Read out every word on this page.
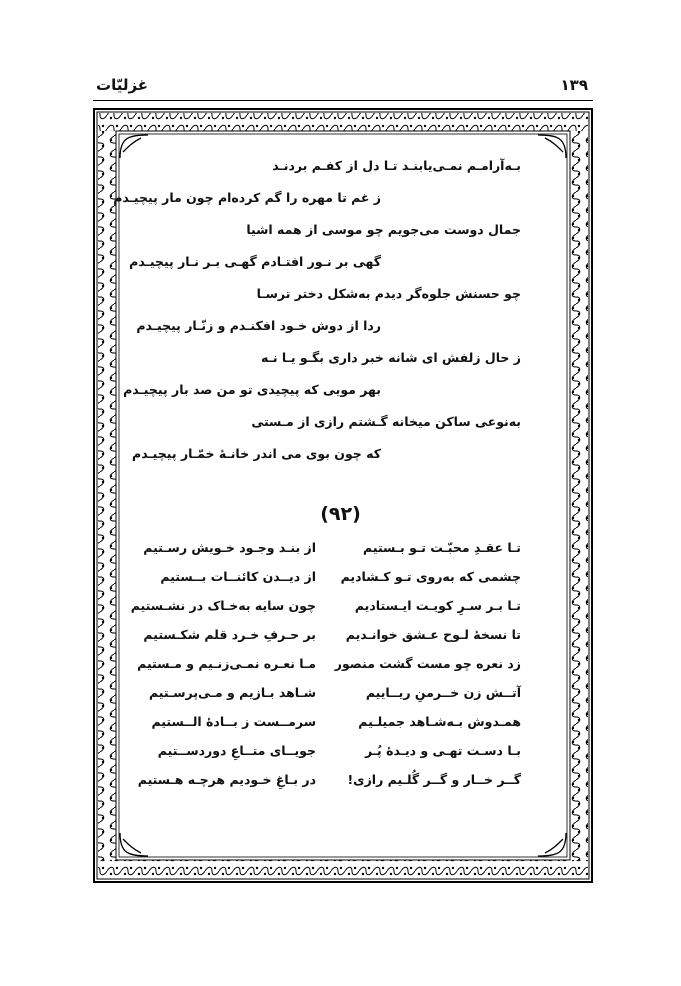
١٣٩
غزلیّات
بـه‌آرامـم نمـی‌یابنـد تـا دل از کفـم بردنـد
ز غم تا مهره را گم کرده‌ام چون مار پیچیـدم
جمال دوست می‌جویم چو موسی از همه اشیا
گهی بر نـور افتـادم گهـی بـر نـار پیچیـدم
چو حسنش جلوه‌گر دیدم به‌شکل دختر ترسـا
ردا از دوش خـود افکنـدم و زنّـار پیچیـدم
ز حال زلفش ای شانه خبر داری بگـو یـا نـه
بهر مویی که پیچیدی تو من صد بار پیچیـدم
به‌نوعی ساکن میخانه گـشتم رازی از مـستی
که چون بوی می اندر خانـهٔ خمّـار پیچیـدم
(٩٢)
تـا عقـدِ محبّـت تـو بـستیم
از بنـد وجـود خـویش رسـتیم
چشمی که به‌روی تـو کـشادیم
از دیــدن کائنــات بــستیم
تـا بـر سـرِ کویـت ایـستادیم
چون سایه به‌خـاک در نشـستیم
تا نسخهٔ لـوح عـشق خوانـدیم
بر حـرفِ خـرد قلم شکـستیم
زد نعره چو مست گشت منصور
مـا نعـره نمـی‌زنـیم و مـستیم
آتــش زن خــرمنِ ریــاییم
شـاهد بـازیم و مـی‌پرسـتیم
همـدوش بـه‌شـاهد جمیلـیم
سرمــست ز بــادهٔ الــستیم
بـا دسـت تهـی و دیـدهٔ پُـر
جویــای متــاعِ دوردســتیم
گــر خــار و گــر گُلـیم رازی!
در بـاغِ خـودیم هرچـه هـستیم
